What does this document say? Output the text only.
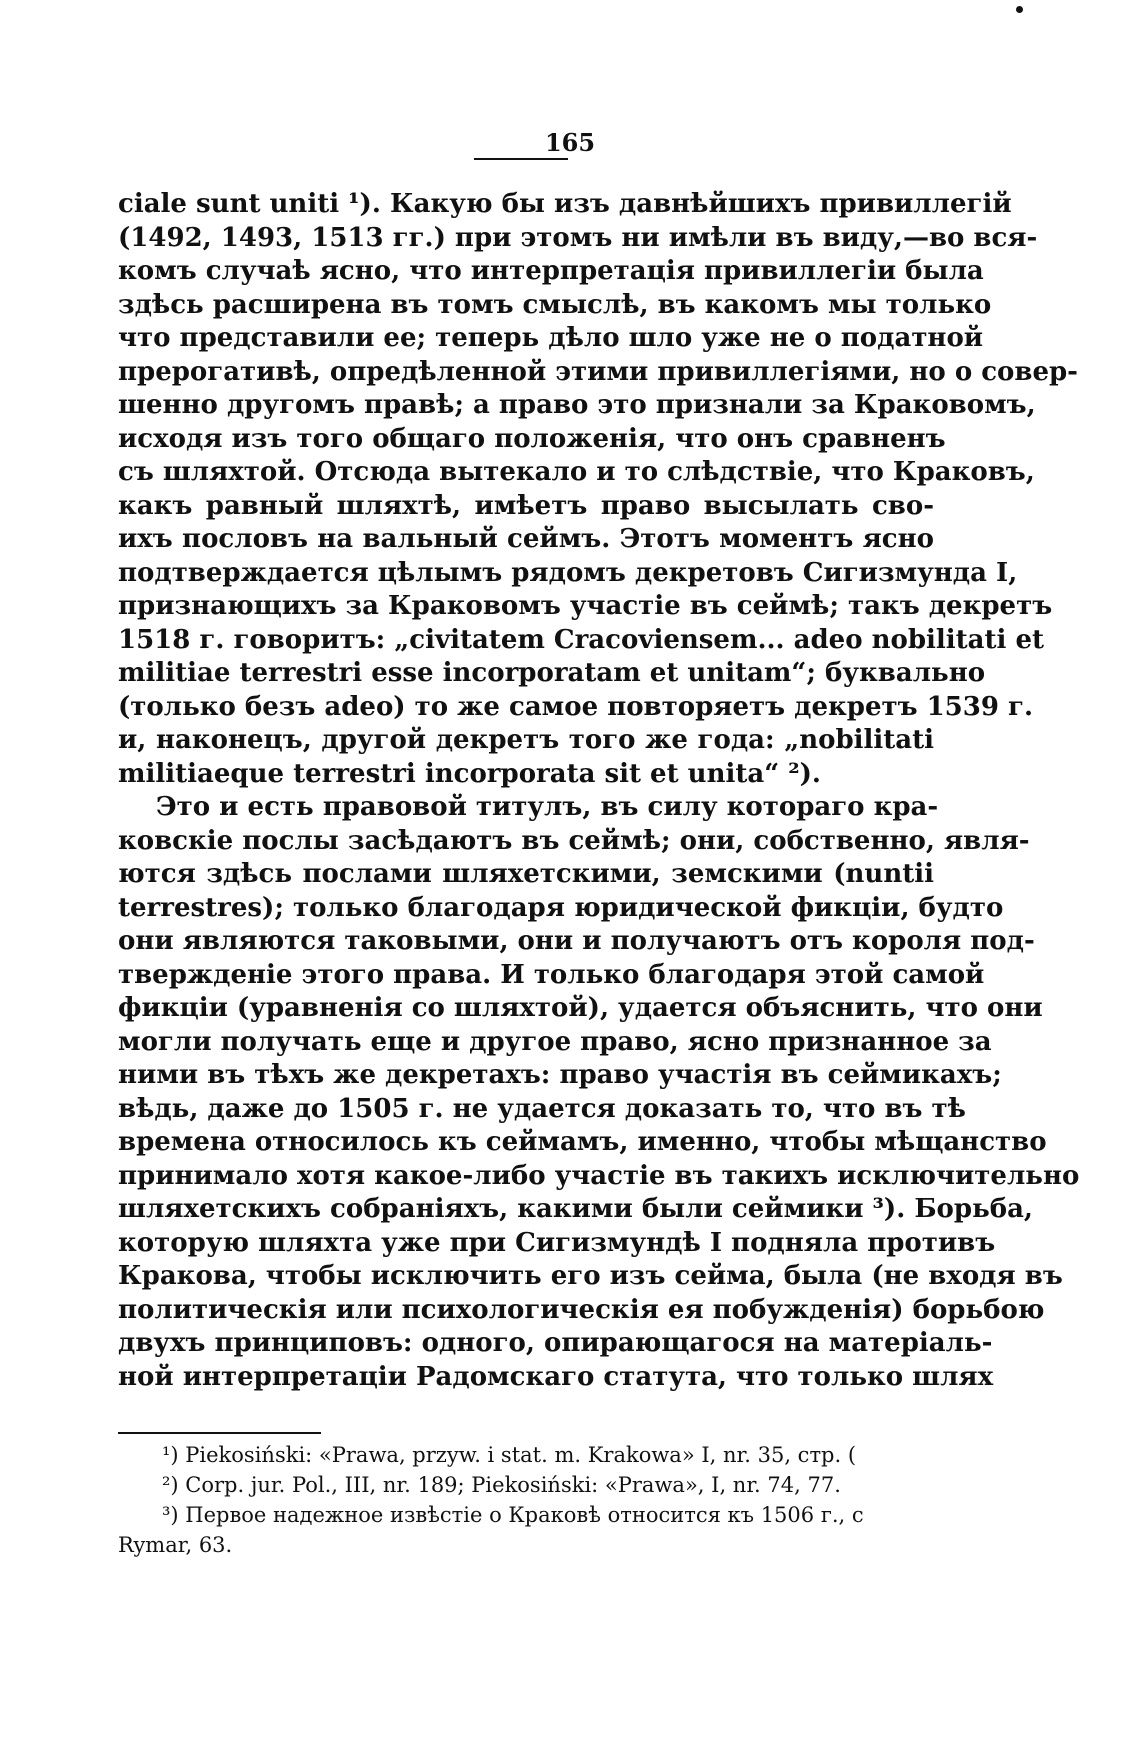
165
ciale sunt uniti ¹). Какую бы изъ давнѣйшихъ привиллегій
(1492, 1493, 1513 гг.) при этомъ ни имѣли въ виду,—во вся-
комъ случаѣ ясно, что интерпретація привиллегіи была
здѣсь расширена въ томъ смыслѣ, въ какомъ мы только
что представили ее; теперь дѣло шло уже не о податной
прерогативѣ, опредѣленной этими привиллегіями, но о совер-
шенно другомъ правѣ; а право это признали за Краковомъ,
исходя изъ того общаго положенія, что онъ сравненъ
съ шляхтой. Отсюда вытекало и то слѣдствіе, что Краковъ,
какъ равный шляхтѣ, имѣетъ право высылать сво-
ихъ пословъ на вальный сеймъ. Этотъ моментъ ясно
подтверждается цѣлымъ рядомъ декретовъ Сигизмунда I,
признающихъ за Краковомъ участіе въ сеймѣ; такъ декретъ
1518 г. говоритъ: „civitatem Cracoviensem... adeo nobilitati et
militiae terrestri esse incorporatam et unitam“; буквально
(только безъ adeo) то же самое повторяетъ декретъ 1539 г.
и, наконецъ, другой декретъ того же года: „nobilitati
militiaeque terrestri incorporata sit et unita“ ²).
Это и есть правовой титулъ, въ силу котораго кра-
ковскіе послы засѣдаютъ въ сеймѣ; они, собственно, явля-
ются здѣсь послами шляхетскими, земскими (nuntii
terrestres); только благодаря юридической фикціи, будто
они являются таковыми, они и получаютъ отъ короля под-
твержденіе этого права. И только благодаря этой самой
фикціи (уравненія со шляхтой), удается объяснить, что они
могли получать еще и другое право, ясно признанное за
ними въ тѣхъ же декретахъ: право участія въ сеймикахъ;
вѣдь, даже до 1505 г. не удается доказать то, что въ тѣ
времена относилось къ сеймамъ, именно, чтобы мѣщанство
принимало хотя какое-либо участіе въ такихъ исключительно
шляхетскихъ собраніяхъ, какими были сеймики ³). Борьба,
которую шляхта уже при Сигизмундѣ I подняла противъ
Кракова, чтобы исключить его изъ сейма, была (не входя въ
политическія или психологическія ея побужденія) борьбою
двухъ принциповъ: одного, опирающагося на матеріаль-
ной интерпретаціи Радомскаго статута, что только шлях
¹) Piekosiński: «Prawa, przyw. i stat. m. Krakowa» I, nr. 35, стр. (
²) Corp. jur. Pol., III, nr. 189; Piekosiński: «Prawa», I, nr. 74, 77.
³) Первое надежное извѣстіе о Краковѣ относится къ 1506 г., с
Rymar, 63.
